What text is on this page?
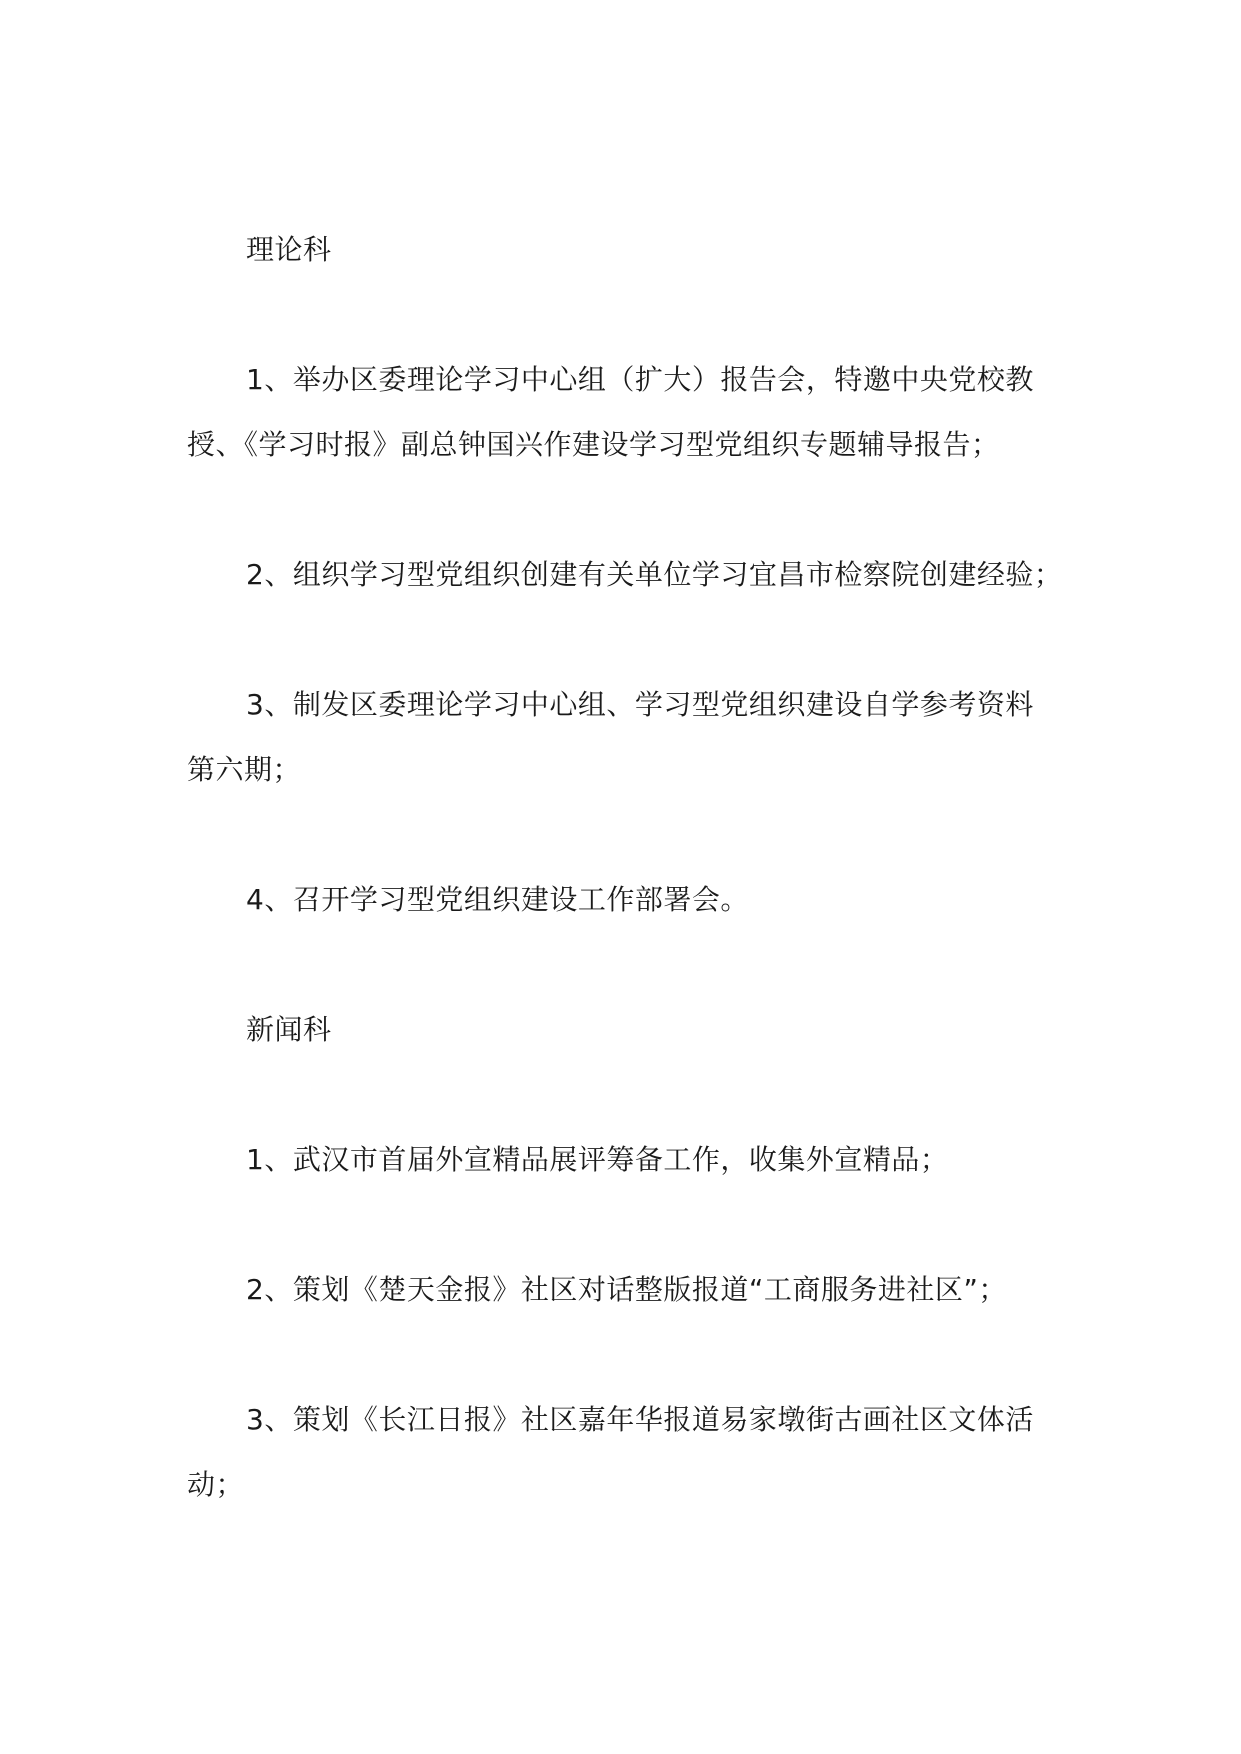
理论科
1、举办区委理论学习中心组（扩大）报告会，特邀中央党校教
授、《学习时报》副总钟国兴作建设学习型党组织专题辅导报告；
2、组织学习型党组织创建有关单位学习宜昌市检察院创建经验；
3、制发区委理论学习中心组、学习型党组织建设自学参考资料
第六期；
4、召开学习型党组织建设工作部署会。
新闻科
1、武汉市首届外宣精品展评筹备工作，收集外宣精品；
2、策划《楚天金报》社区对话整版报道“工商服务进社区”；
3、策划《长江日报》社区嘉年华报道易家墩街古画社区文体活
动；
